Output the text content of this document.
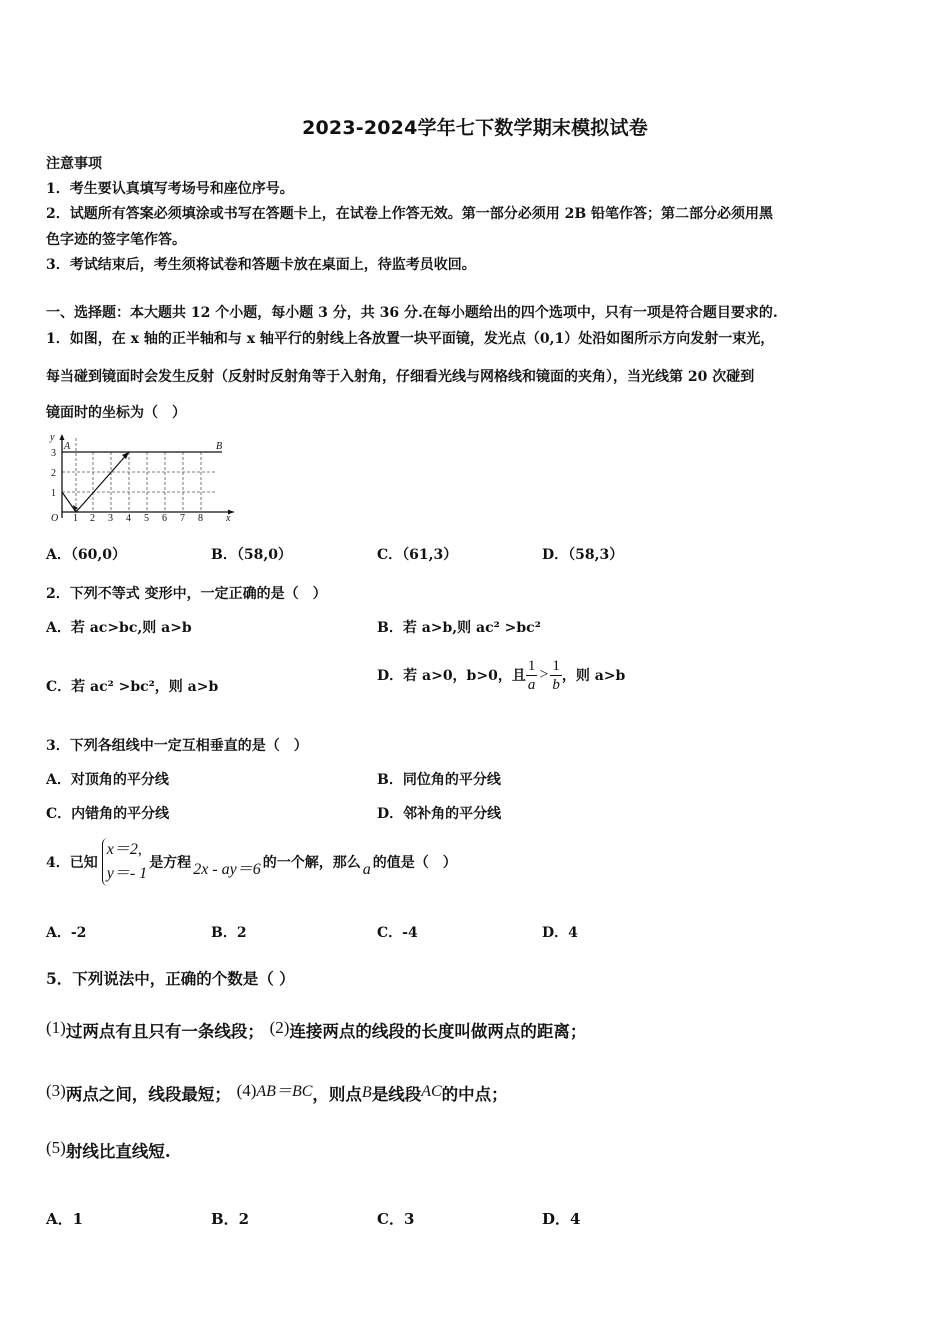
2023-2024学年七下数学期末模拟试卷
注意事项
1．考生要认真填写考场号和座位序号。
2．试题所有答案必须填涂或书写在答题卡上，在试卷上作答无效。第一部分必须用 2B 铅笔作答；第二部分必须用黑
色字迹的签字笔作答。
3．考试结束后，考生须将试卷和答题卡放在桌面上，待监考员收回。
一、选择题：本大题共 12 个小题，每小题 3 分，共 36 分.在每小题给出的四个选项中，只有一项是符合题目要求的.
1．如图，在 x 轴的正半轴和与 x 轴平行的射线上各放置一块平面镜，发光点（0,1）处沿如图所示方向发射一束光，
每当碰到镜面时会发生反射（反射时反射角等于入射角，仔细看光线与网格线和镜面的夹角），当光线第 20 次碰到
镜面时的坐标为（　）
y
A	B
3
2
1
O 1 2 3 4 5 6 7 8 x
A．（60,0）	B．（58,0）	C．（61,3）	D．（58,3）
2．下列不等式 变形中，一定正确的是（　）
A．若 ac>bc,则 a>b	B．若 a>b,则 ac² >bc²
C．若 ac² >bc²，则 a>b
D．若 a>0，b>0，且 $\frac{1}{a} > \frac{1}{b}$ ，则 a>b
3．下列各组线中一定互相垂直的是（　）
A．对顶角的平分线	B．同位角的平分线
C．内错角的平分线	D．邻补角的平分线
4．已知
x＝2,
y＝- 1
是方程 2x - ay＝6 的一个解，那么 a 的值是（　）
A．-2	B．2	C．-4	D．4
5．下列说法中，正确的个数是（ ）
(1)过两点有且只有一条线段； (2)连接两点的线段的长度叫做两点的距离；
(3)两点之间，线段最短； (4)AB＝BC，则点B是线段AC的中点；
(5)射线比直线短.
A．1	B．2	C．3	D．4
